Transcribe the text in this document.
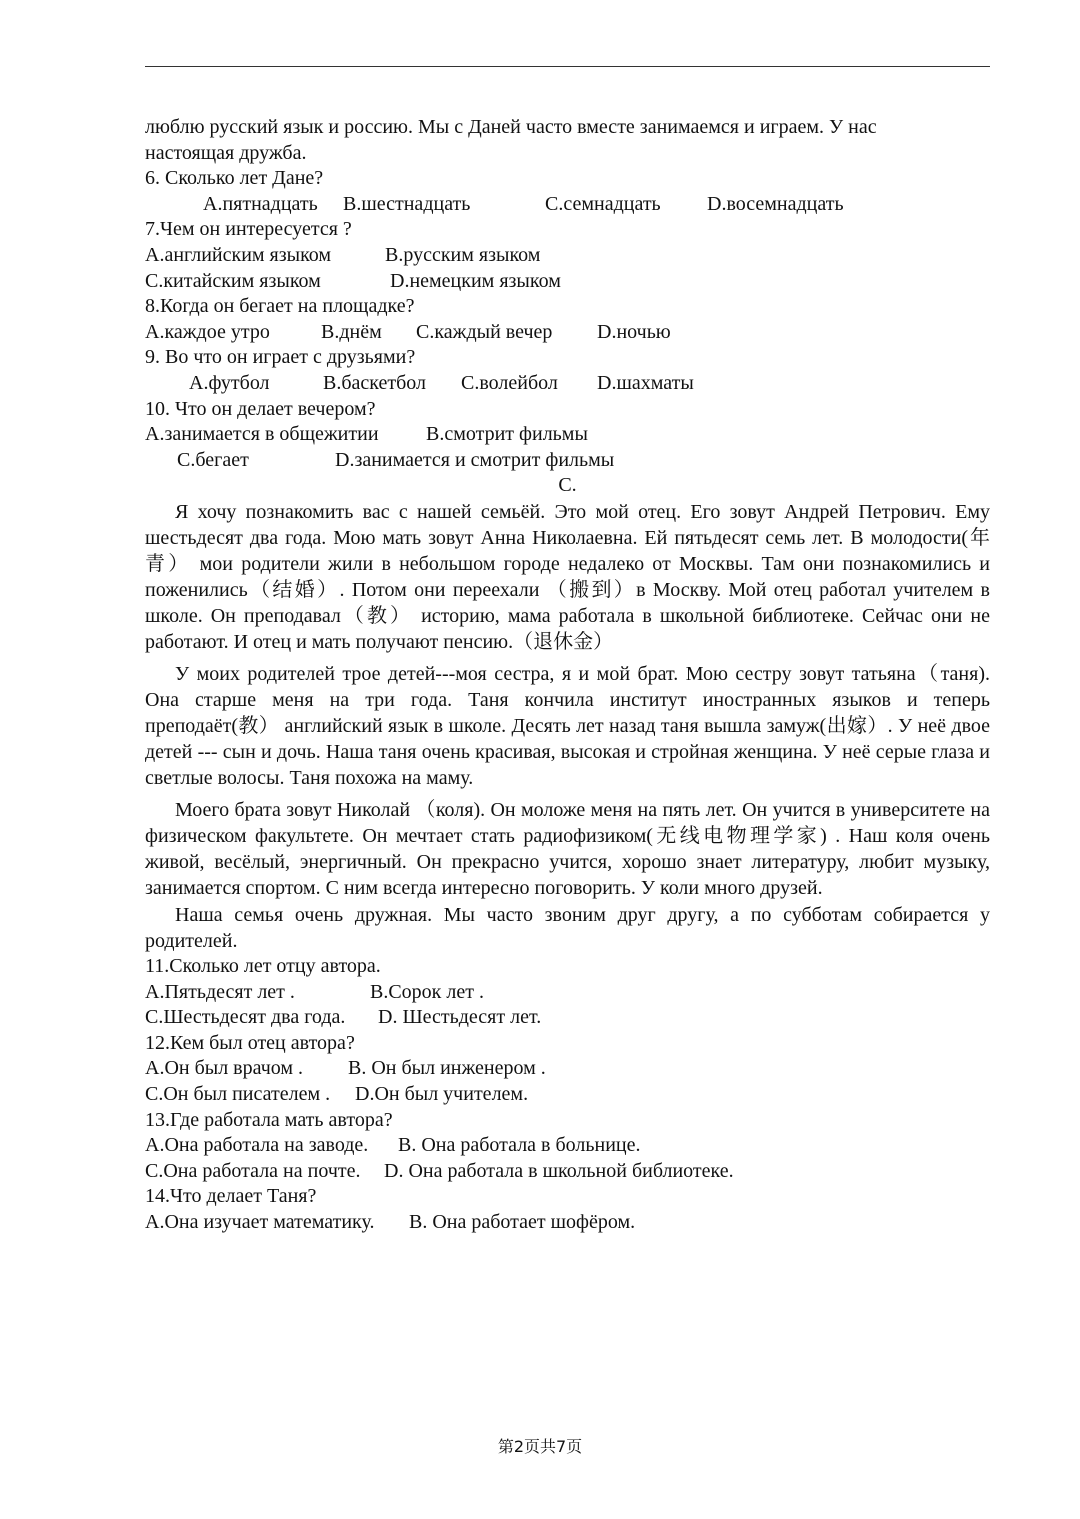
люблю русский язык и россию. Мы с Даней часто вместе занимаемся и играем. У нас
настоящая дружба.
6. Сколько лет Дане?
A.пятнадцать	B.шестнадцать	C.семнадцать	D.восемнадцать
7.Чем он интересуется ?
A.английским языком	B.русским языком
C.китайским языком	D.немецким языком
8.Когда он бегает на площадке?
A.каждое утро	B.днём	C.каждый вечер	D.ночью
9. Во что он играет с друзьями?
A.футбол	B.баскетбол	C.волейбол	D.шахматы
10. Что он делает вечером?
A.занимается в общежитии	B.смотрит фильмы
C.бегает	D.занимается и смотрит фильмы
C.
Я хочу познакомить вас с нашей семьёй. Это мой отец. Его зовут Андрей Петрович. Ему шестьдесят два года. Мою мать зовут Анна Николаевна. Ей пятьдесят семь лет. В молодости(年青） мои родители жили в небольшом городе недалеко от Москвы. Там они познакомились и поженились（结婚）. Потом они переехали （搬到）в Москву. Мой отец работал учителем в школе. Он преподавал（教） историю, мама работала в школьной библиотеке. Сейчас они не работают. И отец и мать получают пенсию.（退休金）
У моих родителей трое детей---моя сестра, я и мой брат. Мою сестру зовут татьяна（таня). Она старше меня на три года. Таня кончила институт иностранных языков и теперь преподаёт(教） английский язык в школе. Десять лет назад таня вышла замуж(出嫁）. У неё двое детей --- сын и дочь. Наша таня очень красивая, высокая и стройная женщина. У неё серые глаза и светлые волосы. Таня похожа на маму.
Моего брата зовут Николай （коля). Он моложе меня на пять лет. Он учится в университете на физическом факультете. Он мечтает стать радиофизиком(无线电物理学家) . Наш коля очень живой, весёлый, энергичный. Он прекрасно учится, хорошо знает литературу, любит музыку, занимается спортом. С ним всегда интересно поговорить. У коли много друзей.
Наша семья очень дружная. Мы часто звоним друг другу, а по субботам собирается у родителей.
11.Сколько лет отцу автора.
A.Пятьдесят лет .	B.Сорок лет .
C.Шестьдесят два года.	D. Шестьдесят лет.
12.Кем был отец автора?
A.Он был врачом .	B. Он был инженером .
C.Он был писателем .	D.Он был учителем.
13.Где работала мать автора?
A.Она работала на заводе.	B. Она работала в больнице.
C.Она работала на почте.	D. Она работала в школьной библиотеке.
14.Что делает Таня?
A.Она изучает математику.	B. Она работает шофёром.
第2页共7页
